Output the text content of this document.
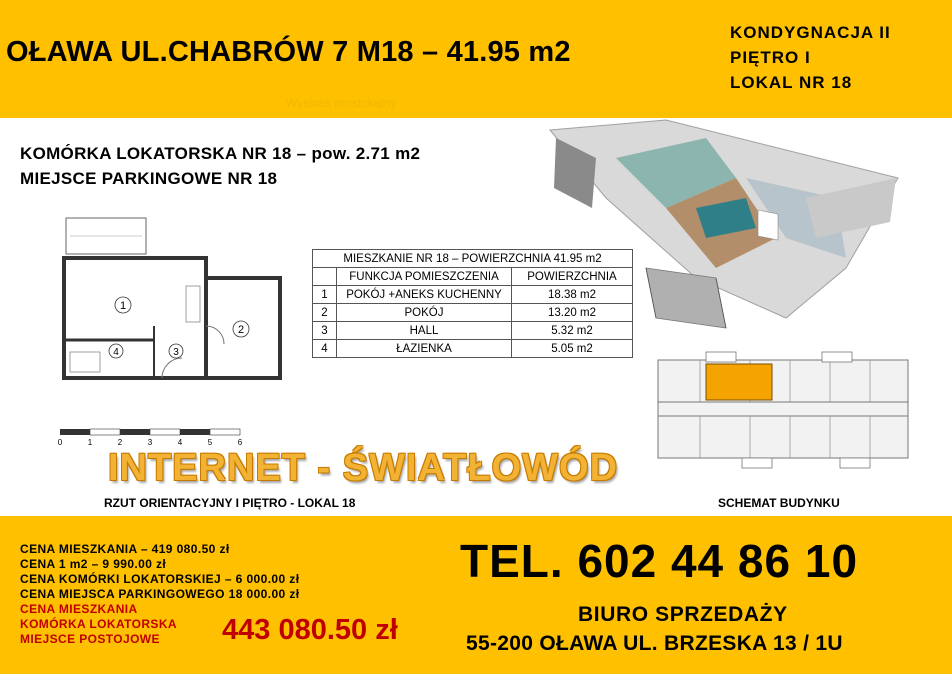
OŁAWA UL.CHABRÓW 7 M18 – 41.95 m2
KONDYGNACJA II
PIĘTRO I
LOKAL NR 18
Wysinek prostokątny
KOMÓRKA LOKATORSKA NR 18 – pow. 2.71 m2
MIEJSCE PARKINGOWE NR 18
1
2
3
4
0	1	2	3	4	5	6
MIESZKANIE NR 18 – POWIERZCHNIA 41.95 m2		
	FUNKCJA POMIESZCZENIA	POWIERZCHNIA
1	POKÓJ +ANEKS KUCHENNY	18.38 m2
2	POKÓJ	13.20 m2
3	HALL	5.32 m2
4	ŁAZIENKA	5.05 m2
INTERNET - ŚWIATŁOWÓD
RZUT ORIENTACYJNY I PIĘTRO - LOKAL 18	SCHEMAT BUDYNKU
CENA MIESZKANIA – 419 080.50 zł
CENA 1 m2 – 9 990.00 zł
CENA KOMÓRKI LOKATORSKIEJ – 6 000.00 zł
CENA MIEJSCA PARKINGOWEGO 18 000.00 zł
CENA MIESZKANIA
KOMÓRKA LOKATORSKA
MIEJSCE POSTOJOWE	443 080.50 zł
TEL. 602 44 86 10
BIURO SPRZEDAŻY
55-200 OŁAWA UL. BRZESKA 13 / 1U
